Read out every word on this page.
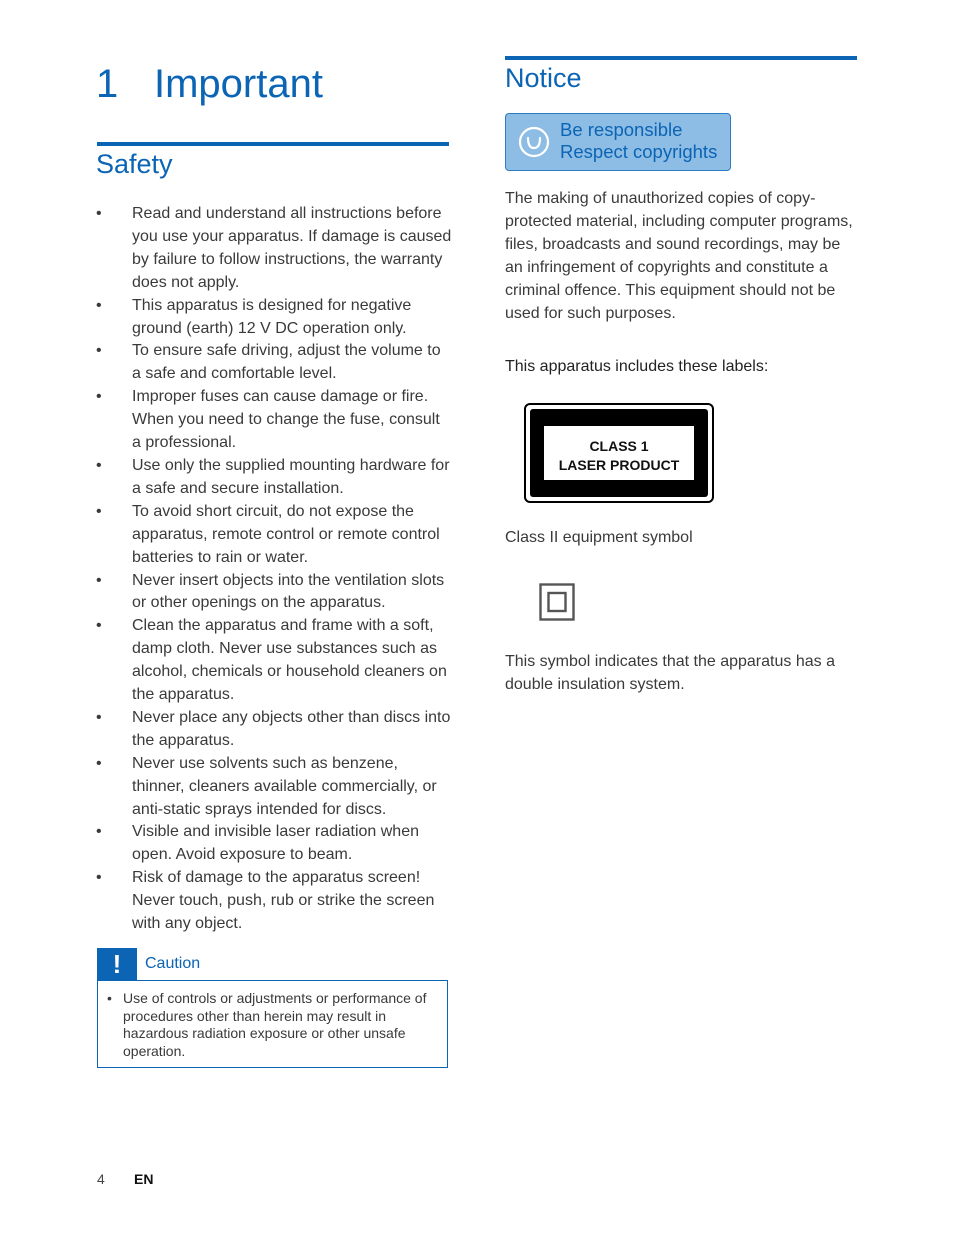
1 Important
Safety
• Read and understand all instructions before you use your apparatus. If damage is caused by failure to follow instructions, the warranty does not apply.
• This apparatus is designed for negative ground (earth) 12 V DC operation only.
• To ensure safe driving, adjust the volume to a safe and comfortable level.
• Improper fuses can cause damage or fire. When you need to change the fuse, consult a professional.
• Use only the supplied mounting hardware for a safe and secure installation.
• To avoid short circuit, do not expose the apparatus, remote control or remote control batteries to rain or water.
• Never insert objects into the ventilation slots or other openings on the apparatus.
• Clean the apparatus and frame with a soft, damp cloth. Never use substances such as alcohol, chemicals or household cleaners on the apparatus.
• Never place any objects other than discs into the apparatus.
• Never use solvents such as benzene, thinner, cleaners available commercially, or anti-static sprays intended for discs.
• Visible and invisible laser radiation when open. Avoid exposure to beam.
• Risk of damage to the apparatus screen! Never touch, push, rub or strike the screen with any object.
!	Caution
• Use of controls or adjustments or performance of procedures other than herein may result in hazardous radiation exposure or other unsafe operation.
Notice
Be responsible
Respect copyrights

The making of unauthorized copies of copy-protected material, including computer programs, files, broadcasts and sound recordings, may be an infringement of copyrights and constitute a criminal offence. This equipment should not be used for such purposes.

This apparatus includes these labels:

CLASS 1
LASER PRODUCT

Class II equipment symbol

This symbol indicates that the apparatus has a double insulation system.

4 EN
